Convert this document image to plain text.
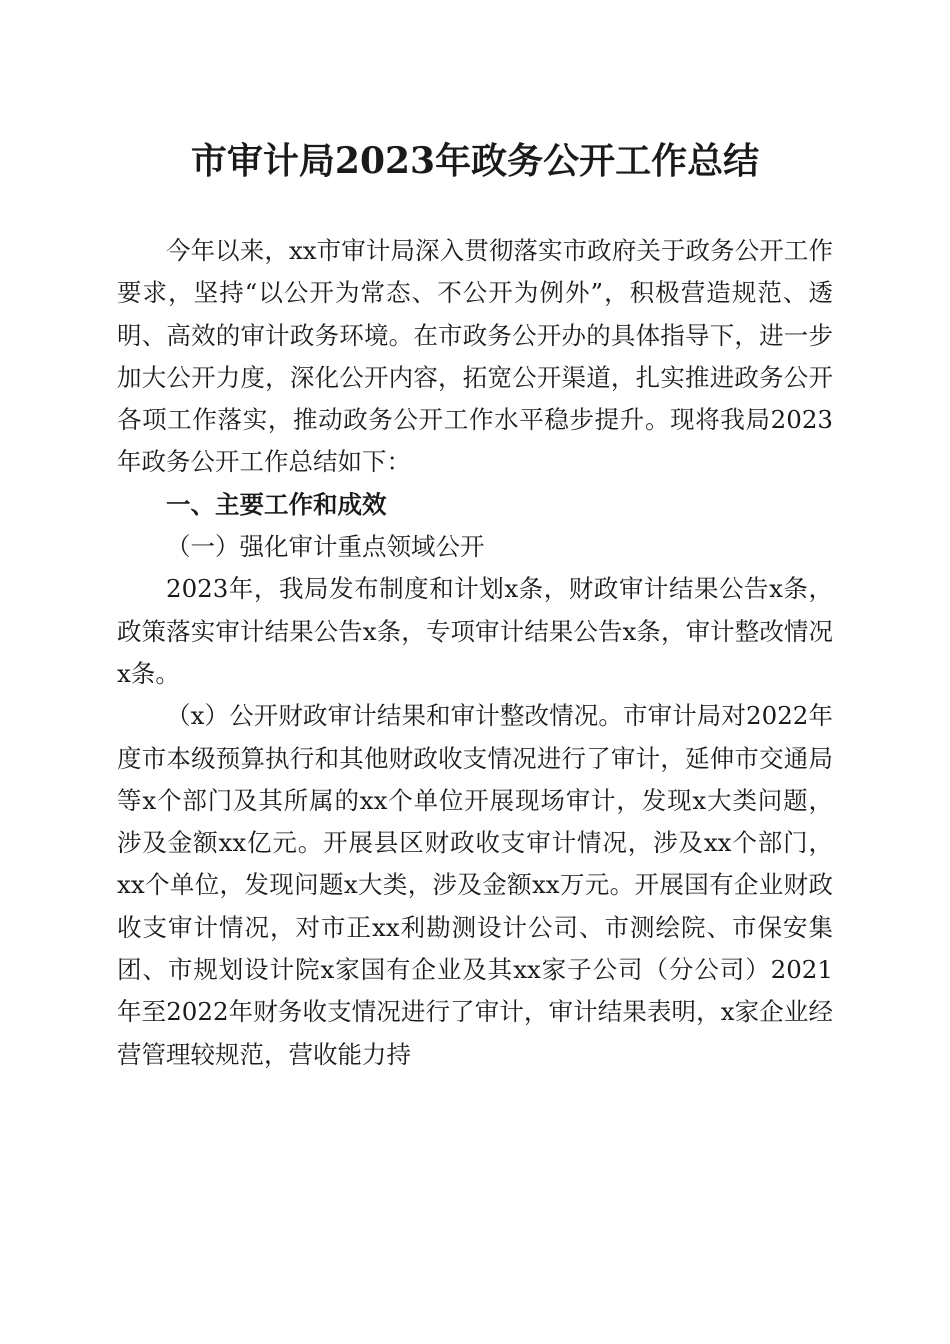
市审计局2023年政务公开工作总结

今年以来，xx市审计局深入贯彻落实市政府关于政务公开工作要求，坚持“以公开为常态、不公开为例外”，积极营造规范、透明、高效的审计政务环境。在市政务公开办的具体指导下，进一步加大公开力度，深化公开内容，拓宽公开渠道，扎实推进政务公开各项工作落实，推动政务公开工作水平稳步提升。现将我局2023年政务公开工作总结如下：

一、主要工作和成效

（一）强化审计重点领域公开

2023年，我局发布制度和计划x条，财政审计结果公告x条，政策落实审计结果公告x条，专项审计结果公告x条，审计整改情况x条。

（x）公开财政审计结果和审计整改情况。市审计局对2022年度市本级预算执行和其他财政收支情况进行了审计，延伸市交通局等x个部门及其所属的xx个单位开展现场审计，发现x大类问题，涉及金额xx亿元。开展县区财政收支审计情况，涉及xx个部门，xx个单位，发现问题x大类，涉及金额xx万元。开展国有企业财政收支审计情况，对市正xx利勘测设计公司、市测绘院、市保安集团、市规划设计院x家国有企业及其xx家子公司（分公司）2021年至2022年财务收支情况进行了审计，审计结果表明，x家企业经营管理较规范，营收能力持
